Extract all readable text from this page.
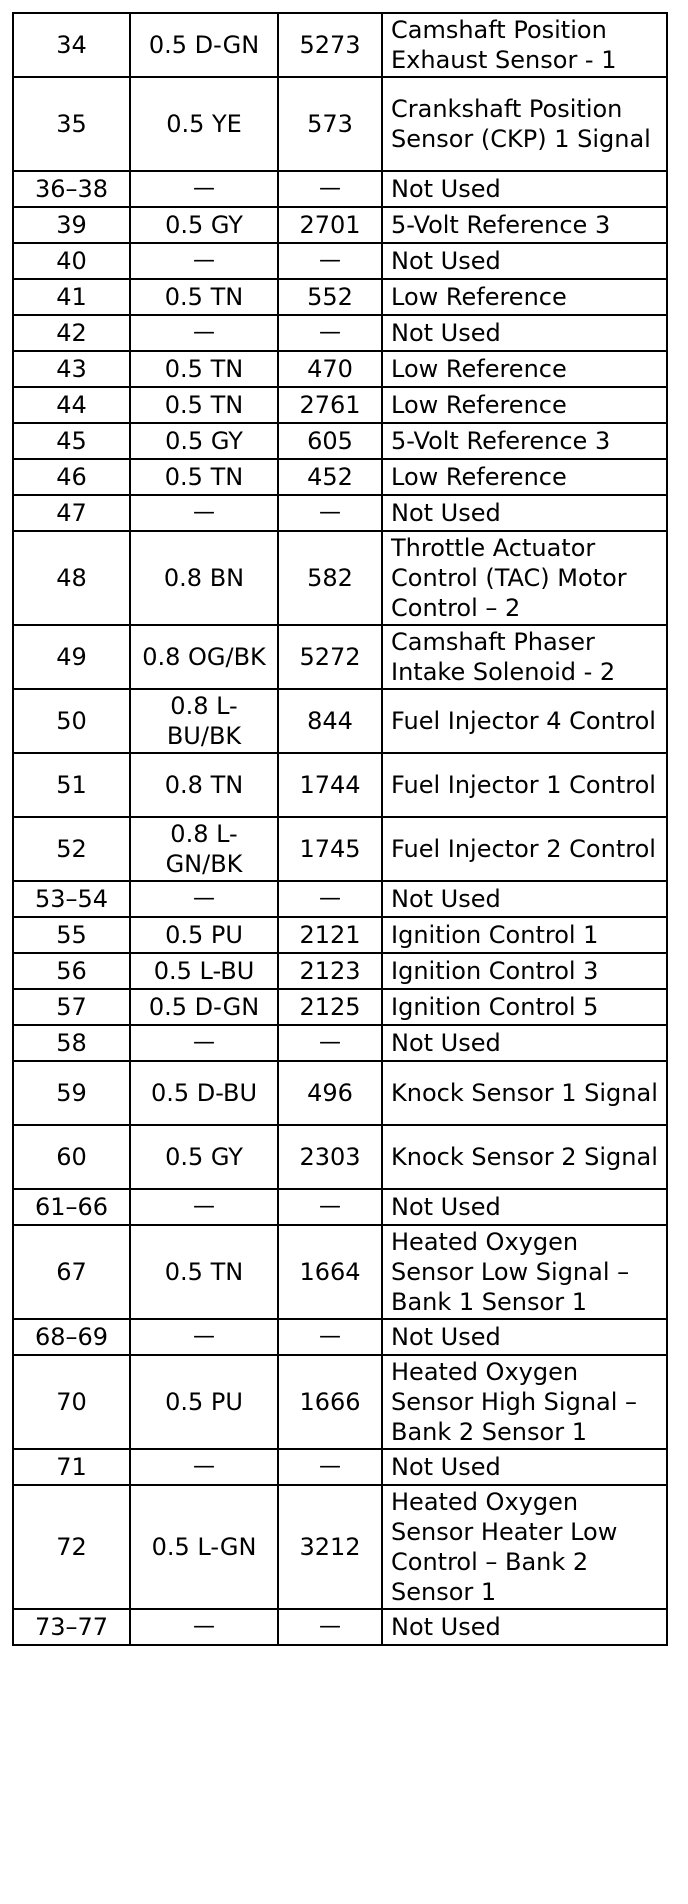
34	0.5 D-GN	5273	Camshaft Position Exhaust Sensor - 1
35	0.5 YE	573	Crankshaft Position Sensor (CKP) 1 Signal
36–38	—	—	Not Used
39	0.5 GY	2701	5-Volt Reference 3
40	—	—	Not Used
41	0.5 TN	552	Low Reference
42	—	—	Not Used
43	0.5 TN	470	Low Reference
44	0.5 TN	2761	Low Reference
45	0.5 GY	605	5-Volt Reference 3
46	0.5 TN	452	Low Reference
47	—	—	Not Used
48	0.8 BN	582	Throttle Actuator Control (TAC) Motor Control – 2
49	0.8 OG/BK	5272	Camshaft Phaser Intake Solenoid - 2
50	0.8 L-BU/BK	844	Fuel Injector 4 Control
51	0.8 TN	1744	Fuel Injector 1 Control
52	0.8 L-GN/BK	1745	Fuel Injector 2 Control
53–54	—	—	Not Used
55	0.5 PU	2121	Ignition Control 1
56	0.5 L-BU	2123	Ignition Control 3
57	0.5 D-GN	2125	Ignition Control 5
58	—	—	Not Used
59	0.5 D-BU	496	Knock Sensor 1 Signal
60	0.5 GY	2303	Knock Sensor 2 Signal
61–66	—	—	Not Used
67	0.5 TN	1664	Heated Oxygen Sensor Low Signal – Bank 1 Sensor 1
68–69	—	—	Not Used
70	0.5 PU	1666	Heated Oxygen Sensor High Signal – Bank 2 Sensor 1
71	—	—	Not Used
72	0.5 L-GN	3212	Heated Oxygen Sensor Heater Low Control – Bank 2 Sensor 1
73–77	—	—	Not Used
